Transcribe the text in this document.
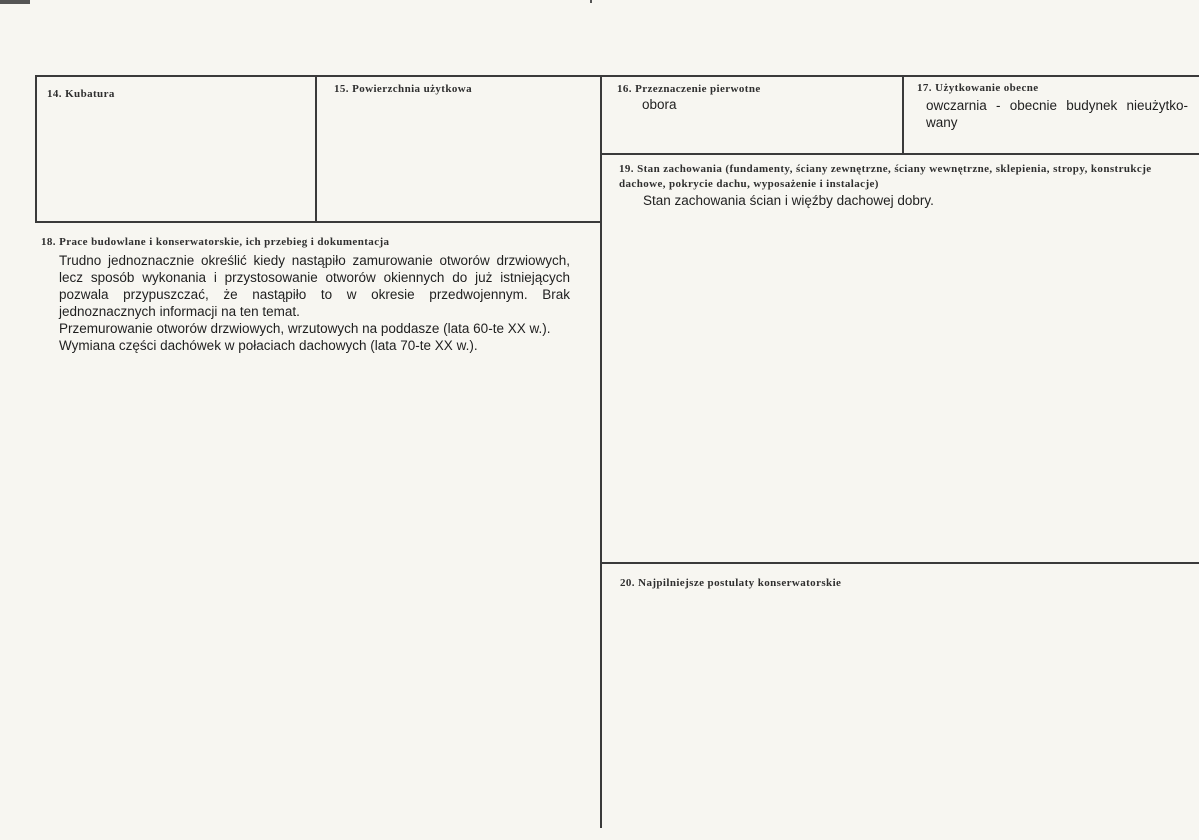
14. Kubatura	15. Powierzchnia użytkowa	16. Przeznaczenie pierwotne
obora
17. Użytkowanie obecne
owczarnia - obecnie budynek nieużytko-wany
19. Stan zachowania (fundamenty, ściany zewnętrzne, ściany wewnętrzne, sklepienia, stropy, konstrukcje dachowe, pokrycie dachu, wyposażenie i instalacje)
Stan zachowania ścian i więźby dachowej dobry.
18. Prace budowlane i konserwatorskie, ich przebieg i dokumentacja

Trudno jednoznacznie określić kiedy nastąpiło zamurowanie otworów drzwiowych, lecz sposób wykonania i przystosowanie otworów okiennych do już istniejących pozwala przypuszczać, że nastąpiło to w okresie przedwojennym. Brak jednoznacznych informacji na ten temat.

Przemurowanie otworów drzwiowych, wrzutowych na poddasze (lata 60-te XX w.).

Wymiana części dachówek w połaciach dachowych (lata 70-te XX w.).

20. Najpilniejsze postulaty konserwatorskie
